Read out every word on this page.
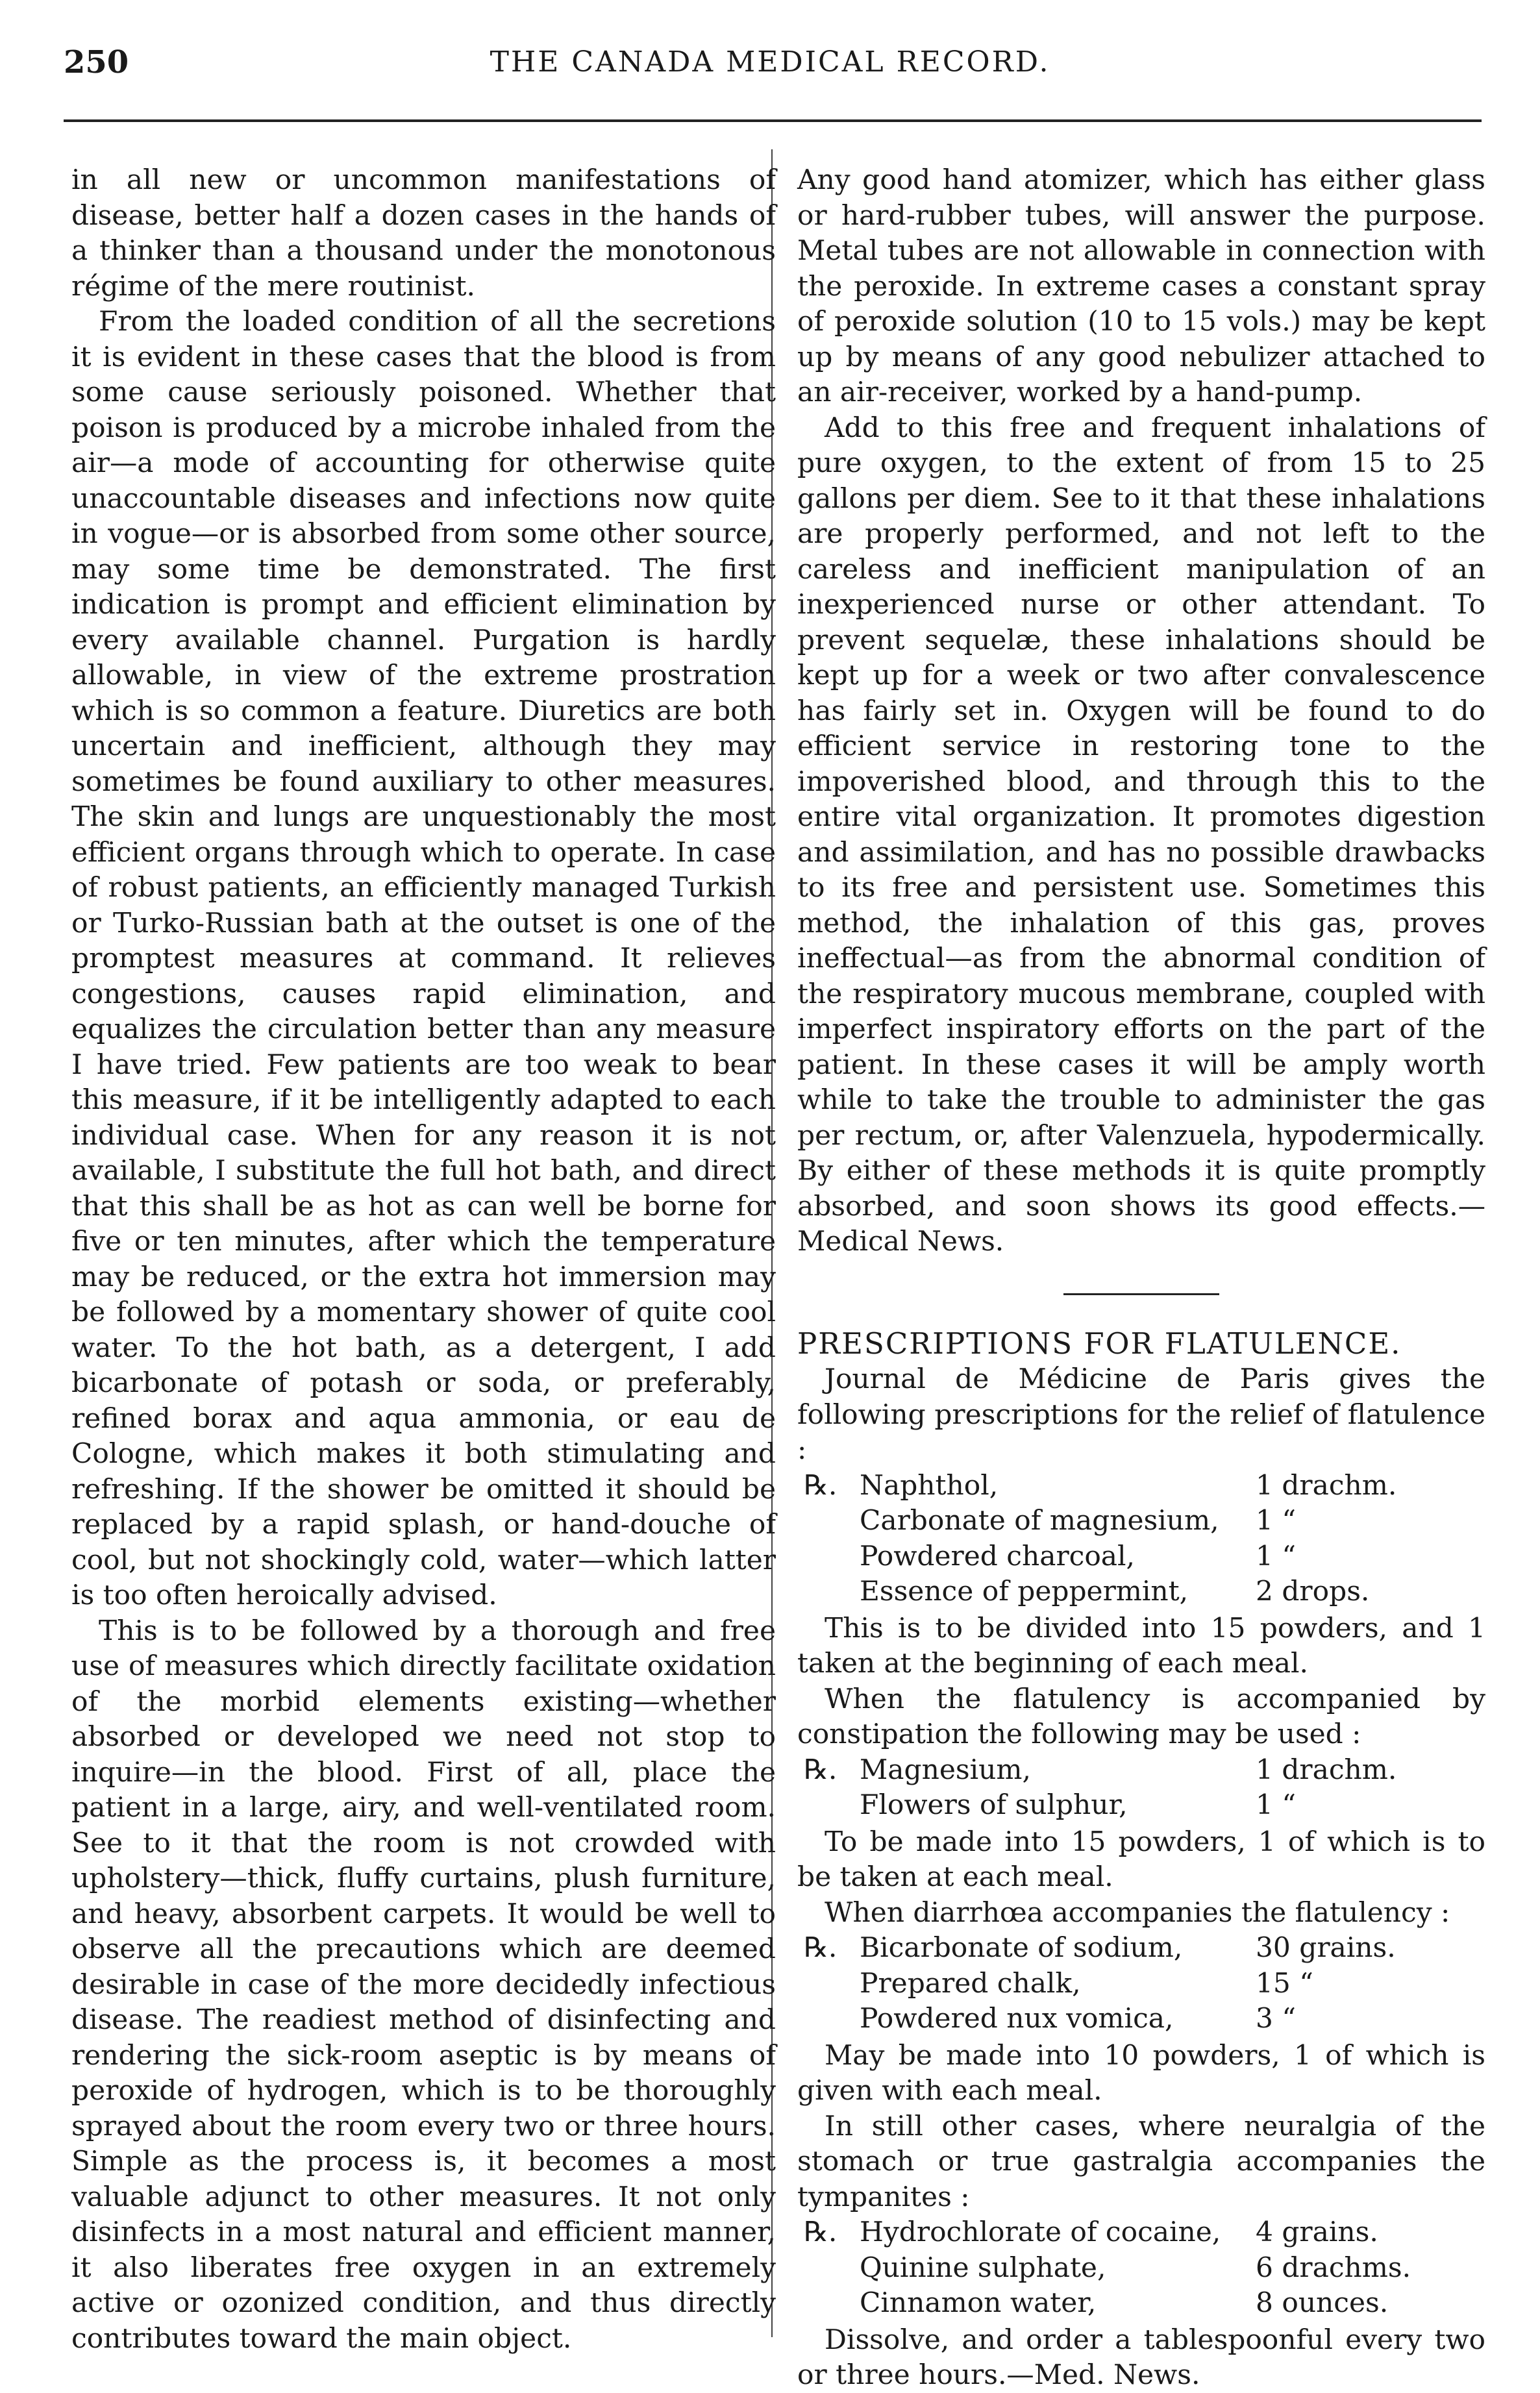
250	THE CANADA MEDICAL RECORD.

in all new or uncommon manifestations of disease, better half a dozen cases in the hands of a thinker than a thousand under the monotonous régime of the mere routinist.

From the loaded condition of all the secretions it is evident in these cases that the blood is from some cause seriously poisoned. Whether that poison is produced by a microbe inhaled from the air—a mode of accounting for otherwise quite unaccountable diseases and infections now quite in vogue—or is absorbed from some other source, may some time be demonstrated. The first indication is prompt and efficient elimination by every available channel. Purgation is hardly allowable, in view of the extreme prostration which is so common a feature. Diuretics are both uncertain and inefficient, although they may sometimes be found auxiliary to other measures. The skin and lungs are unquestionably the most efficient organs through which to operate. In case of robust patients, an efficiently managed Turkish or Turko-Russian bath at the outset is one of the promptest measures at command. It relieves congestions, causes rapid elimination, and equalizes the circulation better than any measure I have tried. Few patients are too weak to bear this measure, if it be intelligently adapted to each individual case. When for any reason it is not available, I substitute the full hot bath, and direct that this shall be as hot as can well be borne for five or ten minutes, after which the temperature may be reduced, or the extra hot immersion may be followed by a momentary shower of quite cool water. To the hot bath, as a detergent, I add bicarbonate of potash or soda, or preferably, refined borax and aqua ammonia, or eau de Cologne, which makes it both stimulating and refreshing. If the shower be omitted it should be replaced by a rapid splash, or hand-douche of cool, but not shockingly cold, water—which latter is too often heroically advised.

This is to be followed by a thorough and free use of measures which directly facilitate oxidation of the morbid elements existing—whether absorbed or developed we need not stop to inquire—in the blood. First of all, place the patient in a large, airy, and well-ventilated room. See to it that the room is not crowded with upholstery—thick, fluffy curtains, plush furniture, and heavy, absorbent carpets. It would be well to observe all the precautions which are deemed desirable in case of the more decidedly infectious disease. The readiest method of disinfecting and rendering the sick-room aseptic is by means of peroxide of hydrogen, which is to be thoroughly sprayed about the room every two or three hours. Simple as the process is, it becomes a most valuable adjunct to other measures. It not only disinfects in a most natural and efficient manner, it also liberates free oxygen in an extremely active or ozonized condition, and thus directly contributes toward the main object.

Any good hand atomizer, which has either glass or hard-rubber tubes, will answer the purpose. Metal tubes are not allowable in connection with the peroxide. In extreme cases a constant spray of peroxide solution (10 to 15 vols.) may be kept up by means of any good nebulizer attached to an air-receiver, worked by a hand-pump.

Add to this free and frequent inhalations of pure oxygen, to the extent of from 15 to 25 gallons per diem. See to it that these inhalations are properly performed, and not left to the careless and inefficient manipulation of an inexperienced nurse or other attendant. To prevent sequelæ, these inhalations should be kept up for a week or two after convalescence has fairly set in. Oxygen will be found to do efficient service in restoring tone to the impoverished blood, and through this to the entire vital organization. It promotes digestion and assimilation, and has no possible drawbacks to its free and persistent use. Sometimes this method, the inhalation of this gas, proves ineffectual—as from the abnormal condition of the respiratory mucous membrane, coupled with imperfect inspiratory efforts on the part of the patient. In these cases it will be amply worth while to take the trouble to administer the gas per rectum, or, after Valenzuela, hypodermically. By either of these methods it is quite promptly absorbed, and soon shows its good effects.—Medical News.

PRESCRIPTIONS FOR FLATULENCE.

Journal de Médicine de Paris gives the following prescriptions for the relief of flatulence :

℞. Naphthol,	1 drachm.
Carbonate of magnesium,	1 “
Powdered charcoal,	1 “
Essence of peppermint,	2 drops.

This is to be divided into 15 powders, and 1 taken at the beginning of each meal.

When the flatulency is accompanied by constipation the following may be used :

℞. Magnesium,	1 drachm.
Flowers of sulphur,	1 “

To be made into 15 powders, 1 of which is to be taken at each meal.

When diarrhœa accompanies the flatulency :

℞. Bicarbonate of sodium,	30 grains.
Prepared chalk,	15 “
Powdered nux vomica,	3 “

May be made into 10 powders, 1 of which is given with each meal.

In still other cases, where neuralgia of the stomach or true gastralgia accompanies the tympanites :

℞. Hydrochlorate of cocaine,	4 grains.
Quinine sulphate,	6 drachms.
Cinnamon water,	8 ounces.

Dissolve, and order a tablespoonful every two or three hours.—Med. News.
